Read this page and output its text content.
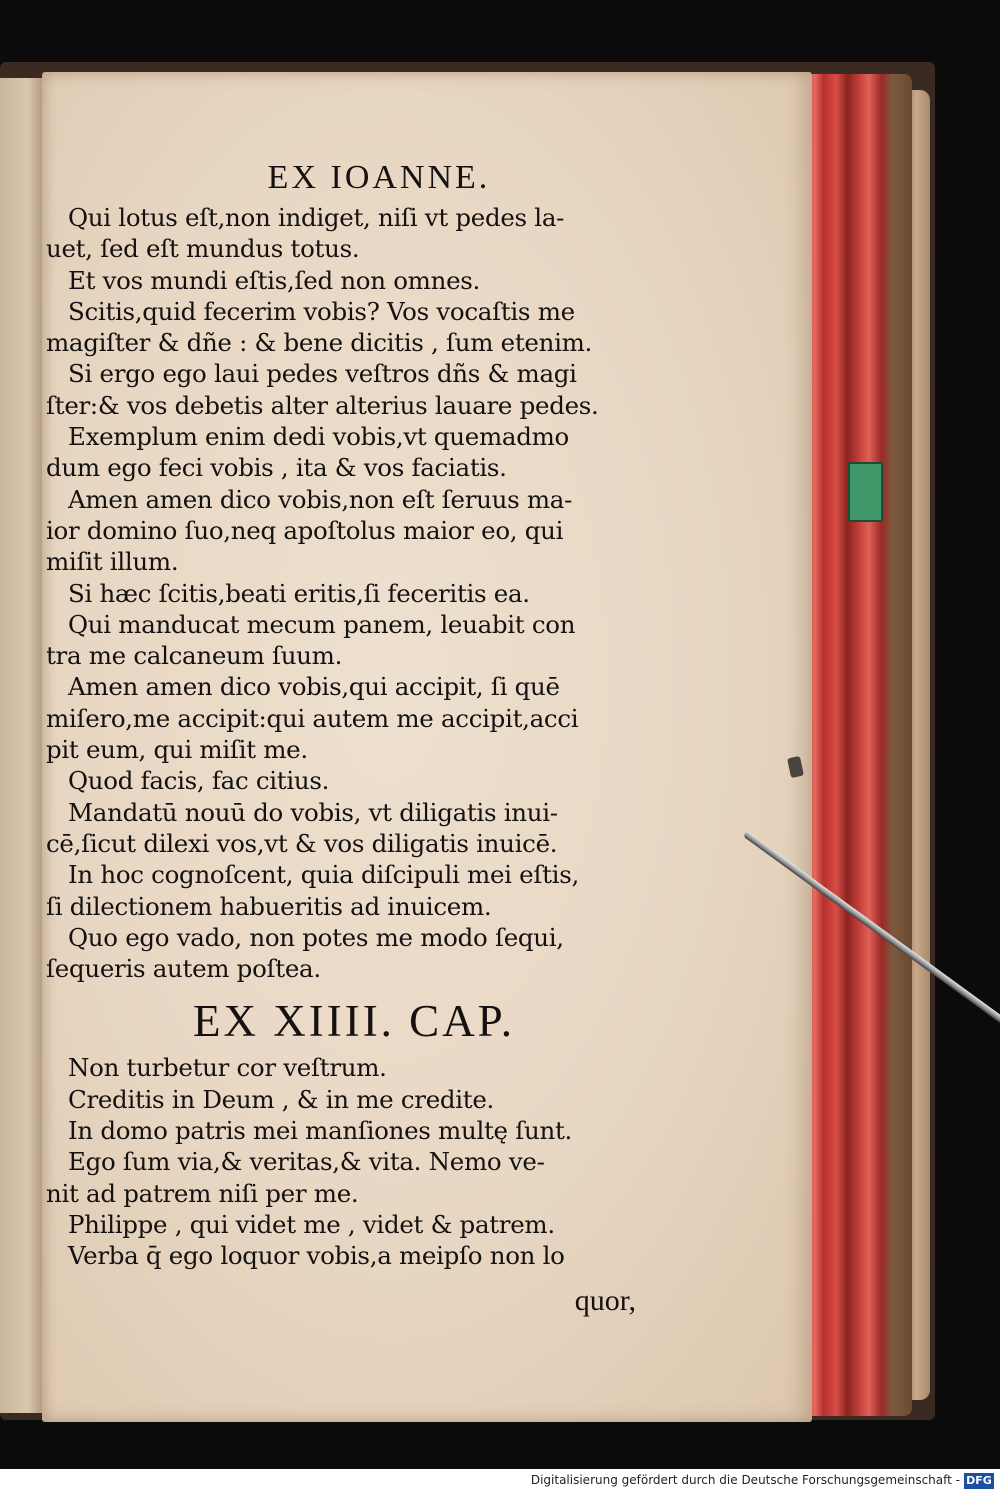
EX IOANNE.
Qui lotus eſt,non indiget, niſi vt pedes la-
uet, ſed eſt mundus totus.
Et vos mundi eſtis,ſed non omnes.
Scitis,quid fecerim vobis? Vos vocaſtis me
magiſter & dñe : & bene dicitis , ſum etenim.
Si ergo ego laui pedes veſtros dñs & magi
ſter:& vos debetis alter alterius lauare pedes.
Exemplum enim dedi vobis,vt quemadmo
dum ego feci vobis , ita & vos faciatis.
Amen amen dico vobis,non eſt ſeruus ma-
ior domino ſuo,neq apoſtolus maior eo, qui
miſit illum.
Si hæc ſcitis,beati eritis,ſi feceritis ea.
Qui manducat mecum panem, leuabit con
tra me calcaneum ſuum.
Amen amen dico vobis,qui accipit, ſi quē
miſero,me accipit:qui autem me accipit,acci
pit eum, qui miſit me.
Quod facis, fac citius.
Mandatū nouū do vobis, vt diligatis inui-
cē,ſicut dilexi vos,vt & vos diligatis inuicē.
In hoc cognoſcent, quia diſcipuli mei eſtis,
ſi dilectionem habueritis ad inuicem.
Quo ego vado, non potes me modo ſequi,
ſequeris autem poſtea.
EX XIIII. CAP.
Non turbetur cor veſtrum.
Creditis in Deum , & in me credite.
In domo patris mei manſiones multę ſunt.
Ego ſum via,& veritas,& vita. Nemo ve-
nit ad patrem niſi per me.
Philippe , qui videt me , videt & patrem.
Verba q̄ ego loquor vobis,a meipſo non lo
quor,
Digitalisierung gefördert durch die Deutsche Forschungsgemeinschaft - DFG
